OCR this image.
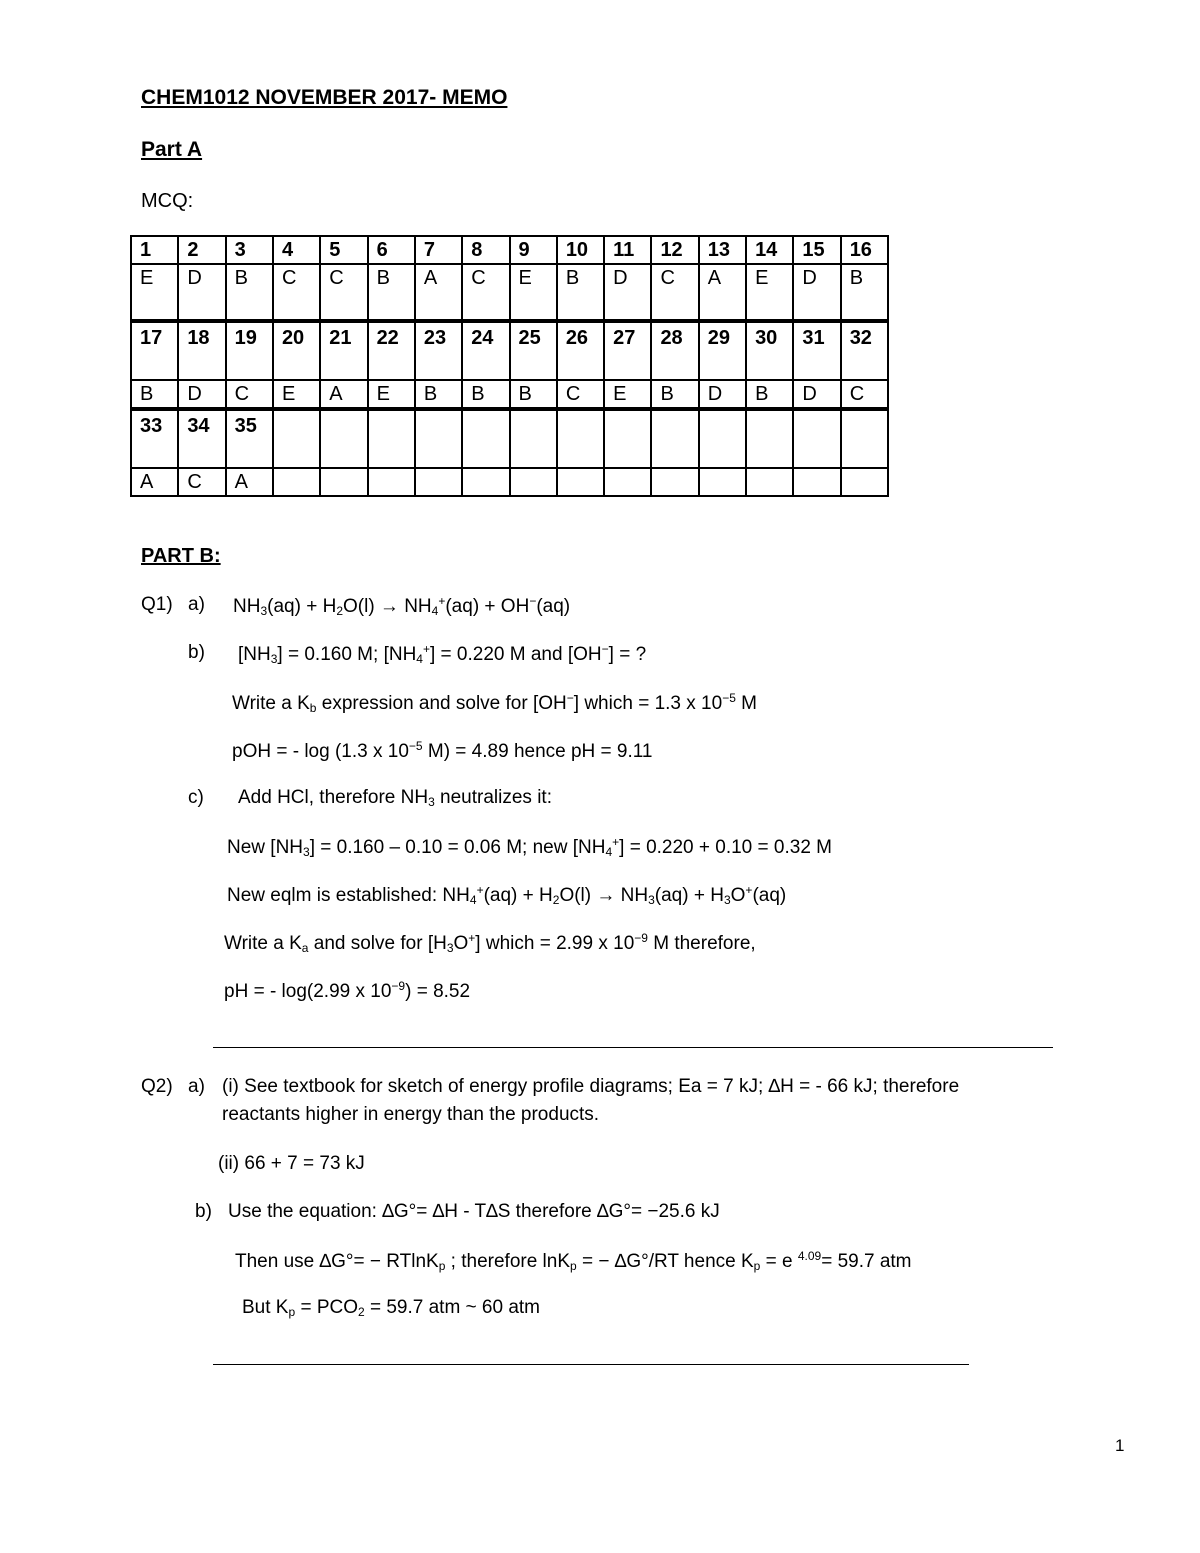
CHEM1012 NOVEMBER 2017- MEMO
Part A
MCQ:
1	2	3	4	5	6	7	8	9	10	11	12	13	14	15	16
E	D	B	C	C	B	A	C	E	B	D	C	A	E	D	B
17	18	19	20	21	22	23	24	25	26	27	28	29	30	31	32
B	D	C	E	A	E	B	B	B	C	E	B	D	B	D	C
33	34	35													
A	C	A													
PART B:
Q1) a) $NH_3(aq) + H_2O(l) \to NH_4^+(aq) + OH^-(aq)$
b) $[NH_3] = 0.160$ M; $[NH_4^+] = 0.220$ M and [OH−] = ?
Write a $K_b$ expression and solve for [OH−] which = 1.3 x $10^{-5}$ M
pOH = - log (1.3 x $10^{-5}$ M) = 4.89 hence pH = 9.11
c) Add HCl, therefore $NH_3$ neutralizes it:
New $[NH_3] = 0.160 - 0.10 = 0.06$ M; new $[NH_4^+] = 0.220 + 0.10 = 0.32$ M
New eqlm is established: $NH_4^+(aq) + H_2O(l) \to NH_3(aq) + H_3O^+(aq)$
Write a $K_a$ and solve for $[H_3O^+]$ which = 2.99 x $10^{-9}$ M therefore,
pH = - log(2.99 x $10^{-9}) = 8.52$
Q2) a) (i) See textbook for sketch of energy profile diagrams; Ea = 7 kJ; ∆H = - 66 kJ; therefore
reactants higher in energy than the products.
(ii) 66 + 7 = 73 kJ
b) Use the equation: ∆G°= ∆H - T∆S therefore ∆G°= −25.6 kJ
Then use ∆G°= − RTlnK$_p$ ; therefore lnK$_p$ = − ∆G°/RT hence $K_p = e$ $^{4.09}$= 59.7 atm
But $K_p = PCO_2 = 59.7$ atm ~ 60 atm
1
